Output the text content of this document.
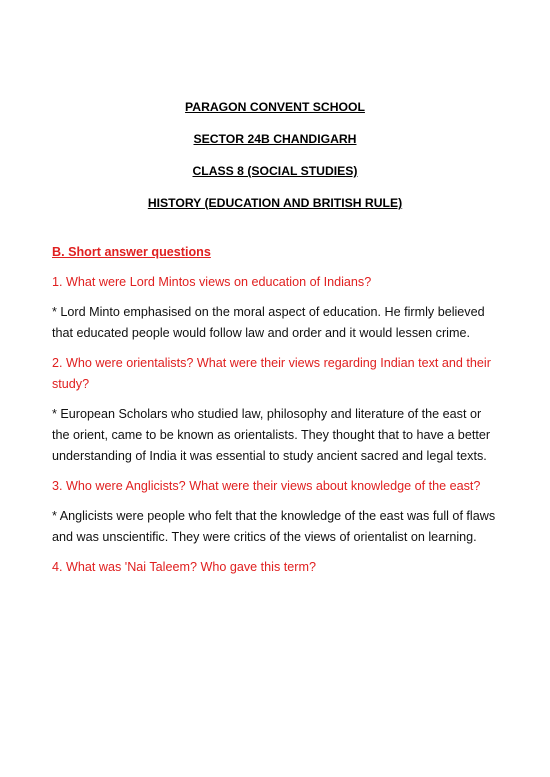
PARAGON CONVENT SCHOOL
SECTOR 24B CHANDIGARH
CLASS 8 (SOCIAL STUDIES)
HISTORY (EDUCATION AND BRITISH RULE)
B. Short answer questions
1. What were Lord Mintos views on education of Indians?
* Lord Minto emphasised on the moral aspect of education. He firmly believed that educated people would follow law and order and it would lessen crime.
2. Who were orientalists? What were their views regarding Indian text and their study?
* European Scholars who studied law, philosophy and literature of the east or the orient, came to be known as orientalists. They thought that to have a better understanding of India it was essential to study ancient sacred and legal texts.
3. Who were Anglicists? What were their views about knowledge of the east?
* Anglicists were people who felt that the knowledge of the east was full of flaws and was unscientific. They were critics of the views of orientalist on learning.
4. What was 'Nai Taleem? Who gave this term?
